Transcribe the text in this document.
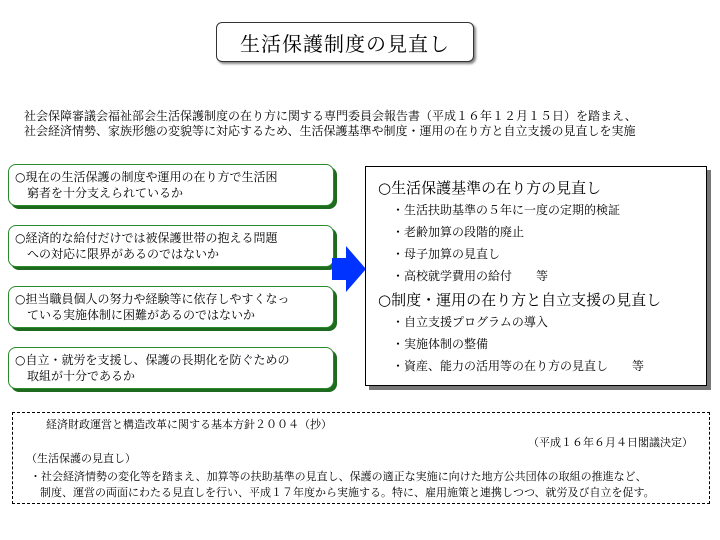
生活保護制度の見直し
社会保障審議会福祉部会生活保護制度の在り方に関する専門委員会報告書（平成１６年１２月１５日）を踏まえ、
社会経済情勢、家族形態の変貌等に対応するため、生活保護基準や制度・運用の在り方と自立支援の見直しを実施
○現在の生活保護の制度や運用の在り方で生活困
窮者を十分支えられているか
○経済的な給付だけでは被保護世帯の抱える問題
への対応に限界があるのではないか
○担当職員個人の努力や経験等に依存しやすくなっ
ている実施体制に困難があるのではないか
○自立・就労を支援し、保護の長期化を防ぐための
取組が十分であるか
○生活保護基準の在り方の見直し
・生活扶助基準の５年に一度の定期的検証
・老齢加算の段階的廃止
・母子加算の見直し
・高校就学費用の給付　　等
○制度・運用の在り方と自立支援の見直し
・自立支援プログラムの導入
・実施体制の整備
・資産、能力の活用等の在り方の見直し　　等
経済財政運営と構造改革に関する基本方針２００４（抄）
（平成１６年６月４日閣議決定）
（生活保護の見直し）
・社会経済情勢の変化等を踏まえ、加算等の扶助基準の見直し、保護の適正な実施に向けた地方公共団体の取組の推進など、
制度、運営の両面にわたる見直しを行い、平成１７年度から実施する。特に、雇用施策と連携しつつ、就労及び自立を促す。
